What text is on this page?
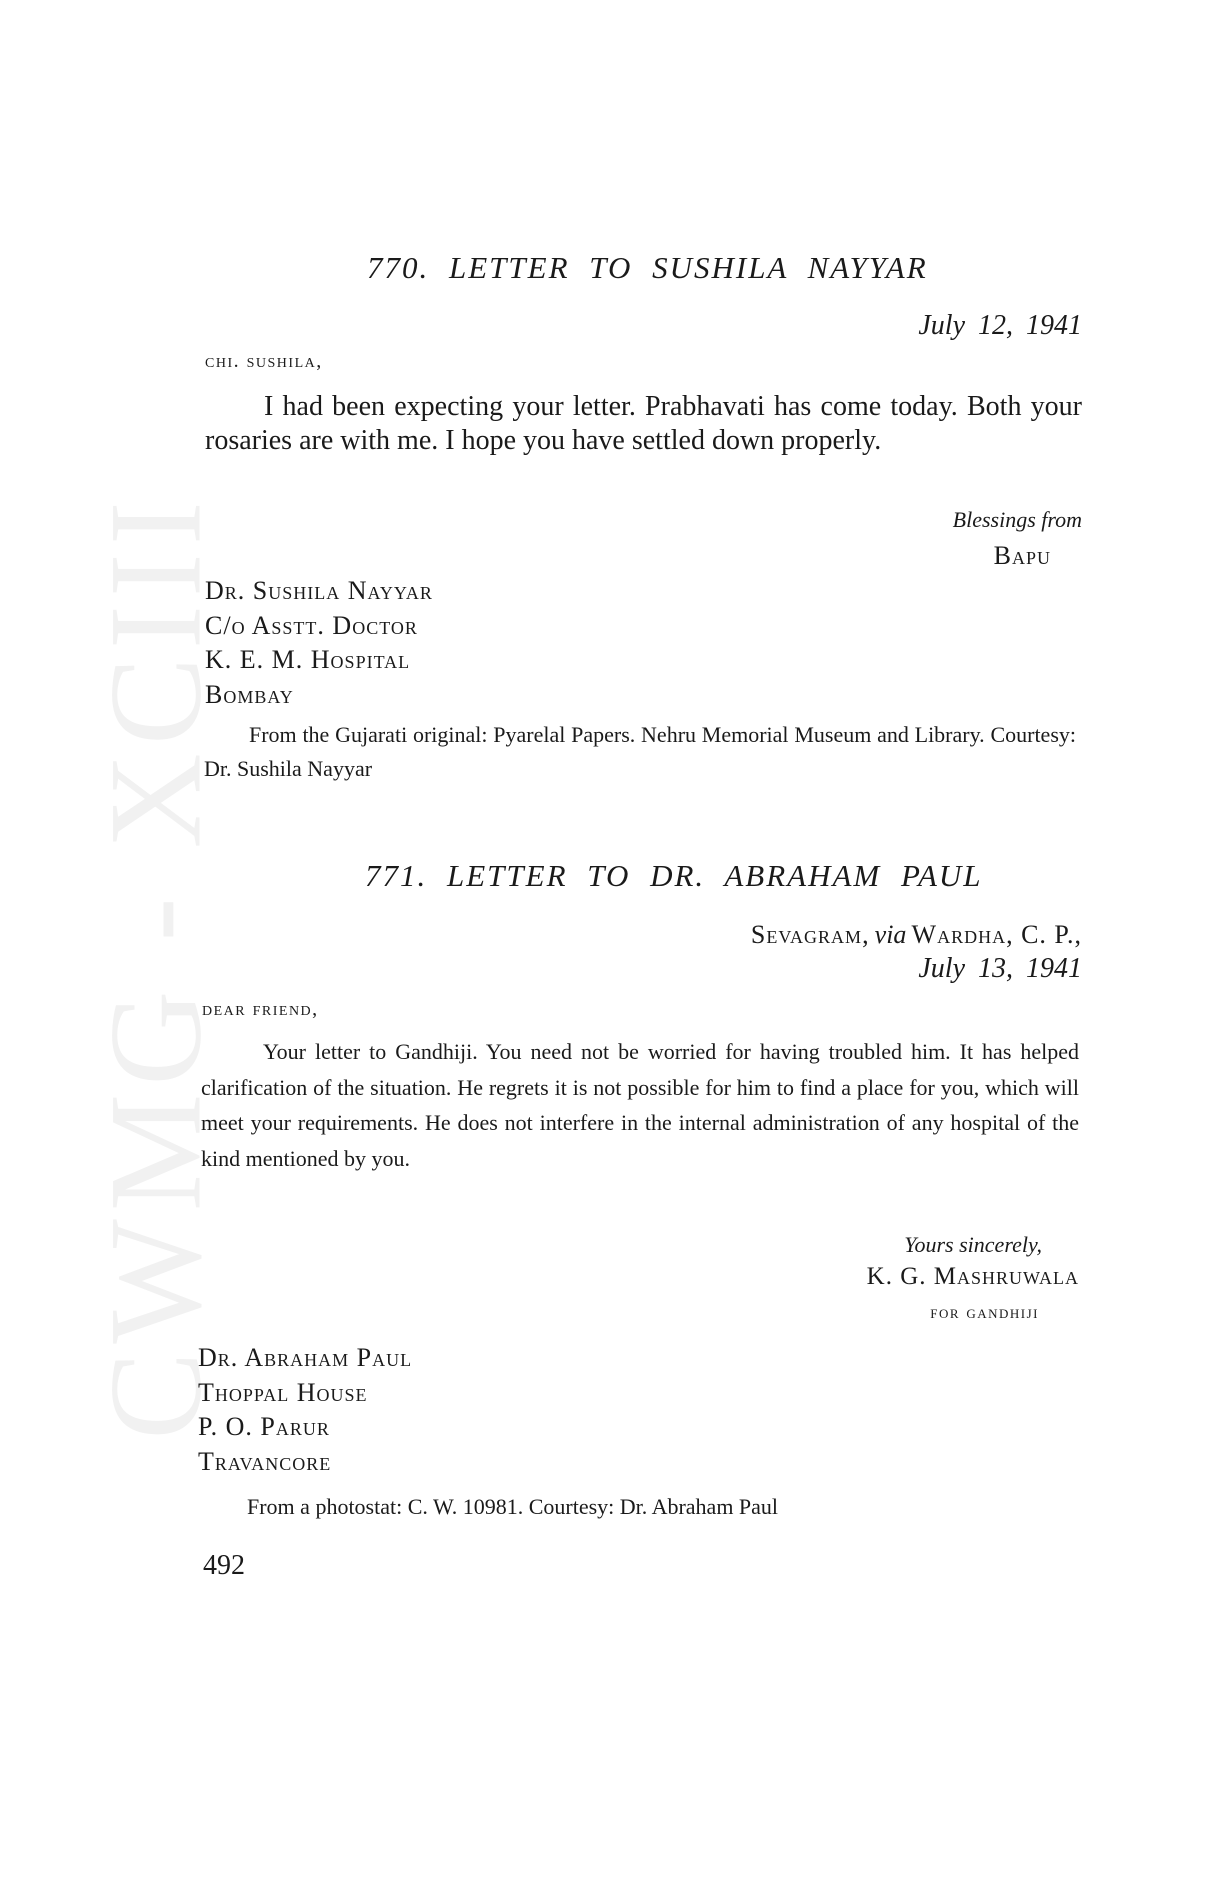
CWMG - XCIII
770. LETTER TO SUSHILA NAYYAR
July 12, 1941
chi. sushila,

I had been expecting your letter. Prabhavati has come today. Both your rosaries are with me. I hope you have settled down properly.

Blessings from
Bapu
Dr. Sushila Nayyar
C/o Asstt. Doctor
K. E. M. Hospital
Bombay

From the Gujarati original: Pyarelal Papers. Nehru Memorial Museum and Library. Courtesy: Dr. Sushila Nayyar

771. LETTER TO DR. ABRAHAM PAUL
Sevagram, via Wardha, C. P.,
July 13, 1941
dear friend,

Your letter to Gandhiji. You need not be worried for having troubled him. It has helped clarification of the situation. He regrets it is not possible for him to find a place for you, which will meet your requirements. He does not interfere in the internal administration of any hospital of the kind mentioned by you.

Yours sincerely,
K. G. Mashruwala
for gandhiji
Dr. Abraham Paul
Thoppal House
P. O. Parur
Travancore

From a photostat: C. W. 10981. Courtesy: Dr. Abraham Paul

492
